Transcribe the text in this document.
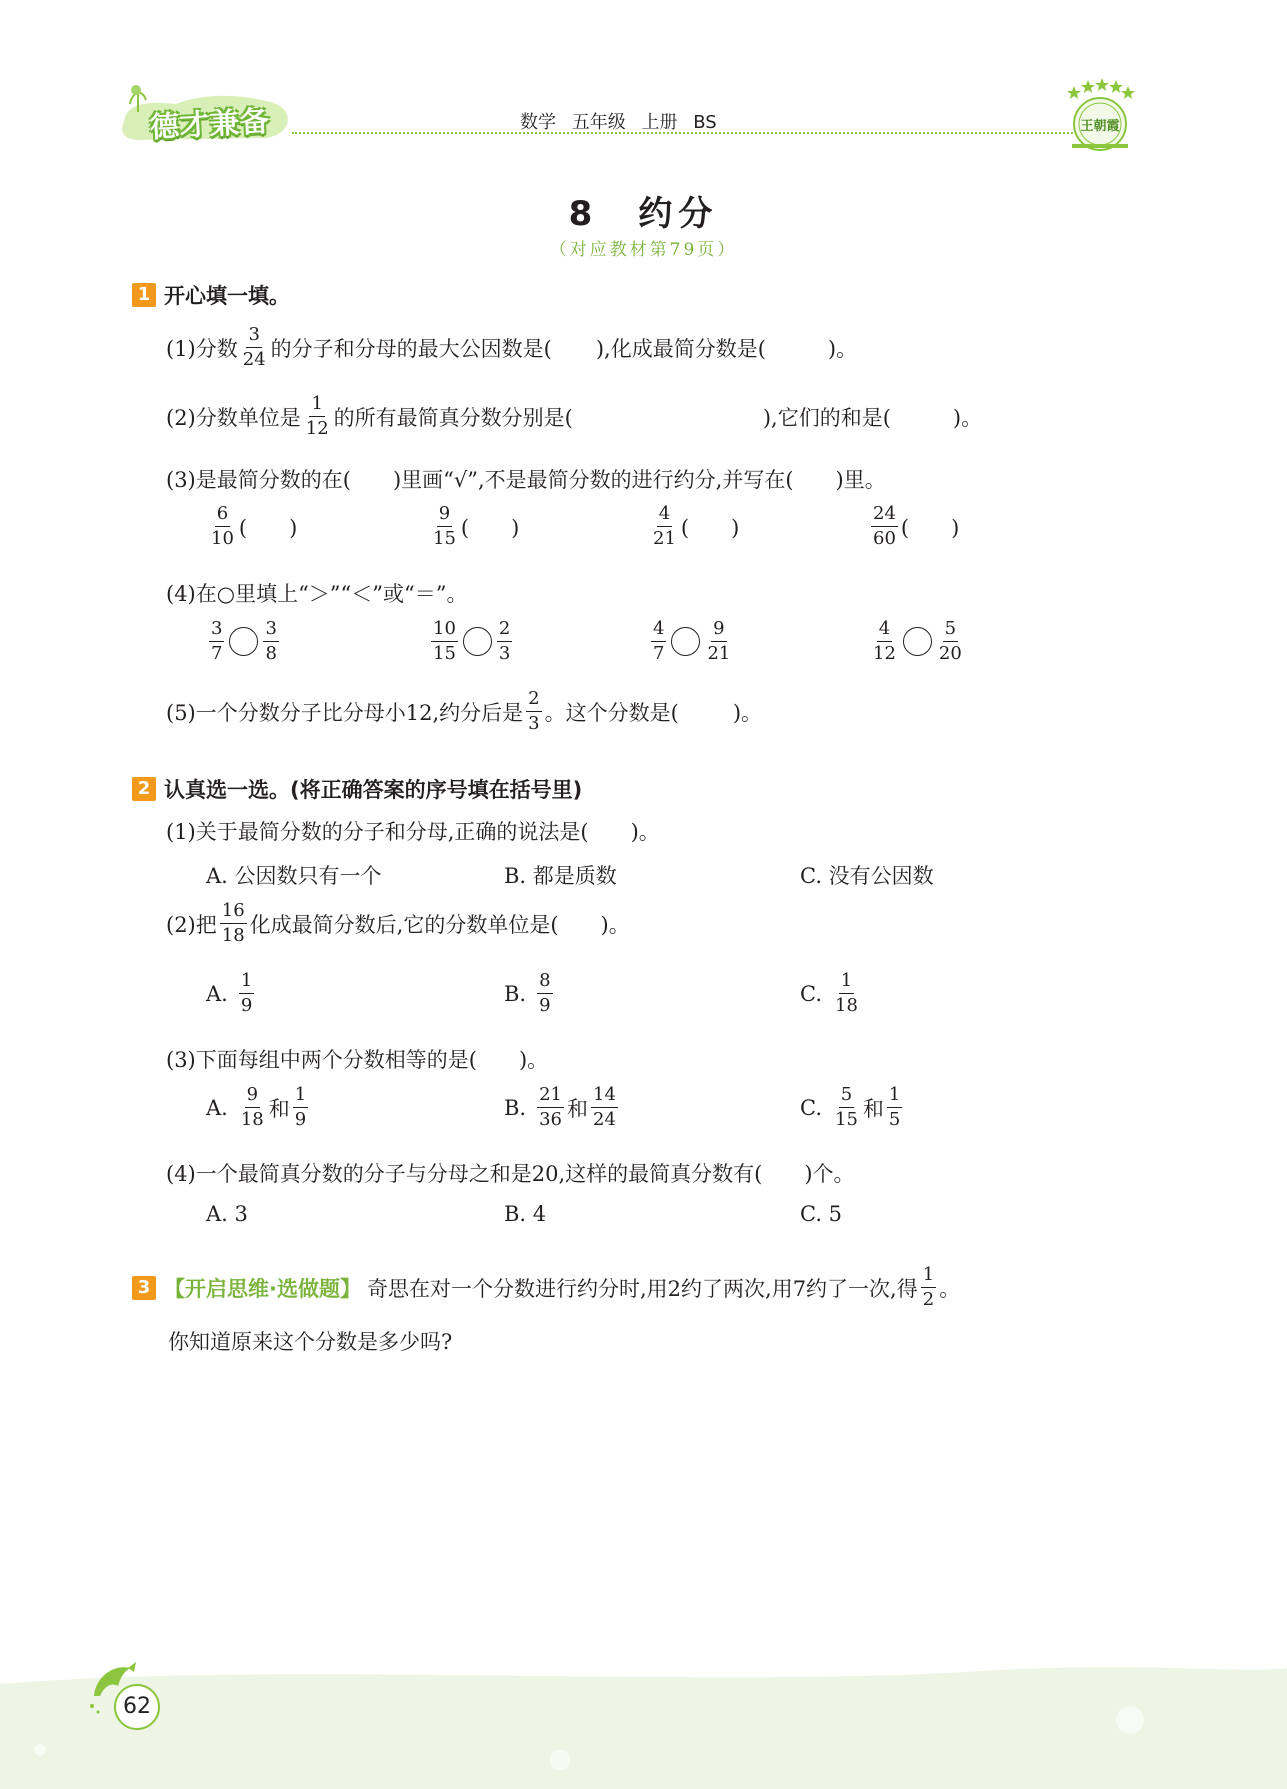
德才兼备	数学 五年级 上册 BS	王朝霞
8　约分
（对应教材第79页）
1 开心填一填。
(1)分数 $\frac{3}{24}$ 的分子和分母的最大公因数是( ),化成最简分数是(	)。
(2)分数单位是 $\frac{1}{12}$ 的所有最简真分数分别是(	),它们的和是(	)。
(3)是最简分数的在(　　)里画“√”,不是最简分数的进行约分,并写在(　　)里。
$\frac{6}{10}$ (　　)	$\frac{9}{15}$ (　　)	$\frac{4}{21}$ (　　)	$\frac{24}{60}$ (　　)
(4)在○里填上“＞”“＜”或“＝”。
$\frac{3}{7} \frac{3}{8}$	$\frac{10}{15} \frac{2}{3}$	$\frac{4}{7} \frac{9}{21}$	$\frac{4}{12} \frac{5}{20}$
(5)一个分数分子比分母小12,约分后是 $\frac{2}{3}$ 。这个分数是(	)。
2 认真选一选。(将正确答案的序号填在括号里)
(1)关于最简分数的分子和分母,正确的说法是(　　)。
A. 公因数只有一个	B. 都是质数	C. 没有公因数
(2)把 $\frac{16}{18}$ 化成最简分数后,它的分数单位是(　　)。
A. $\frac{1}{9}$	B. $\frac{8}{9}$	C. $\frac{1}{18}$
(3)下面每组中两个分数相等的是(　　)。
A. $\frac{9}{18}$ 和 $\frac{1}{9}$	B. $\frac{21}{36}$ 和 $\frac{14}{24}$	C. $\frac{5}{15}$ 和 $\frac{1}{5}$
(4)一个最简真分数的分子与分母之和是20,这样的最简真分数有(　　)个。
A. 3	B. 4	C. 5
3 【开启思维·选做题】 奇思在对一个分数进行约分时,用2约了两次,用7约了一次,得 $\frac{1}{2}$ 。
你知道原来这个分数是多少吗?
62
